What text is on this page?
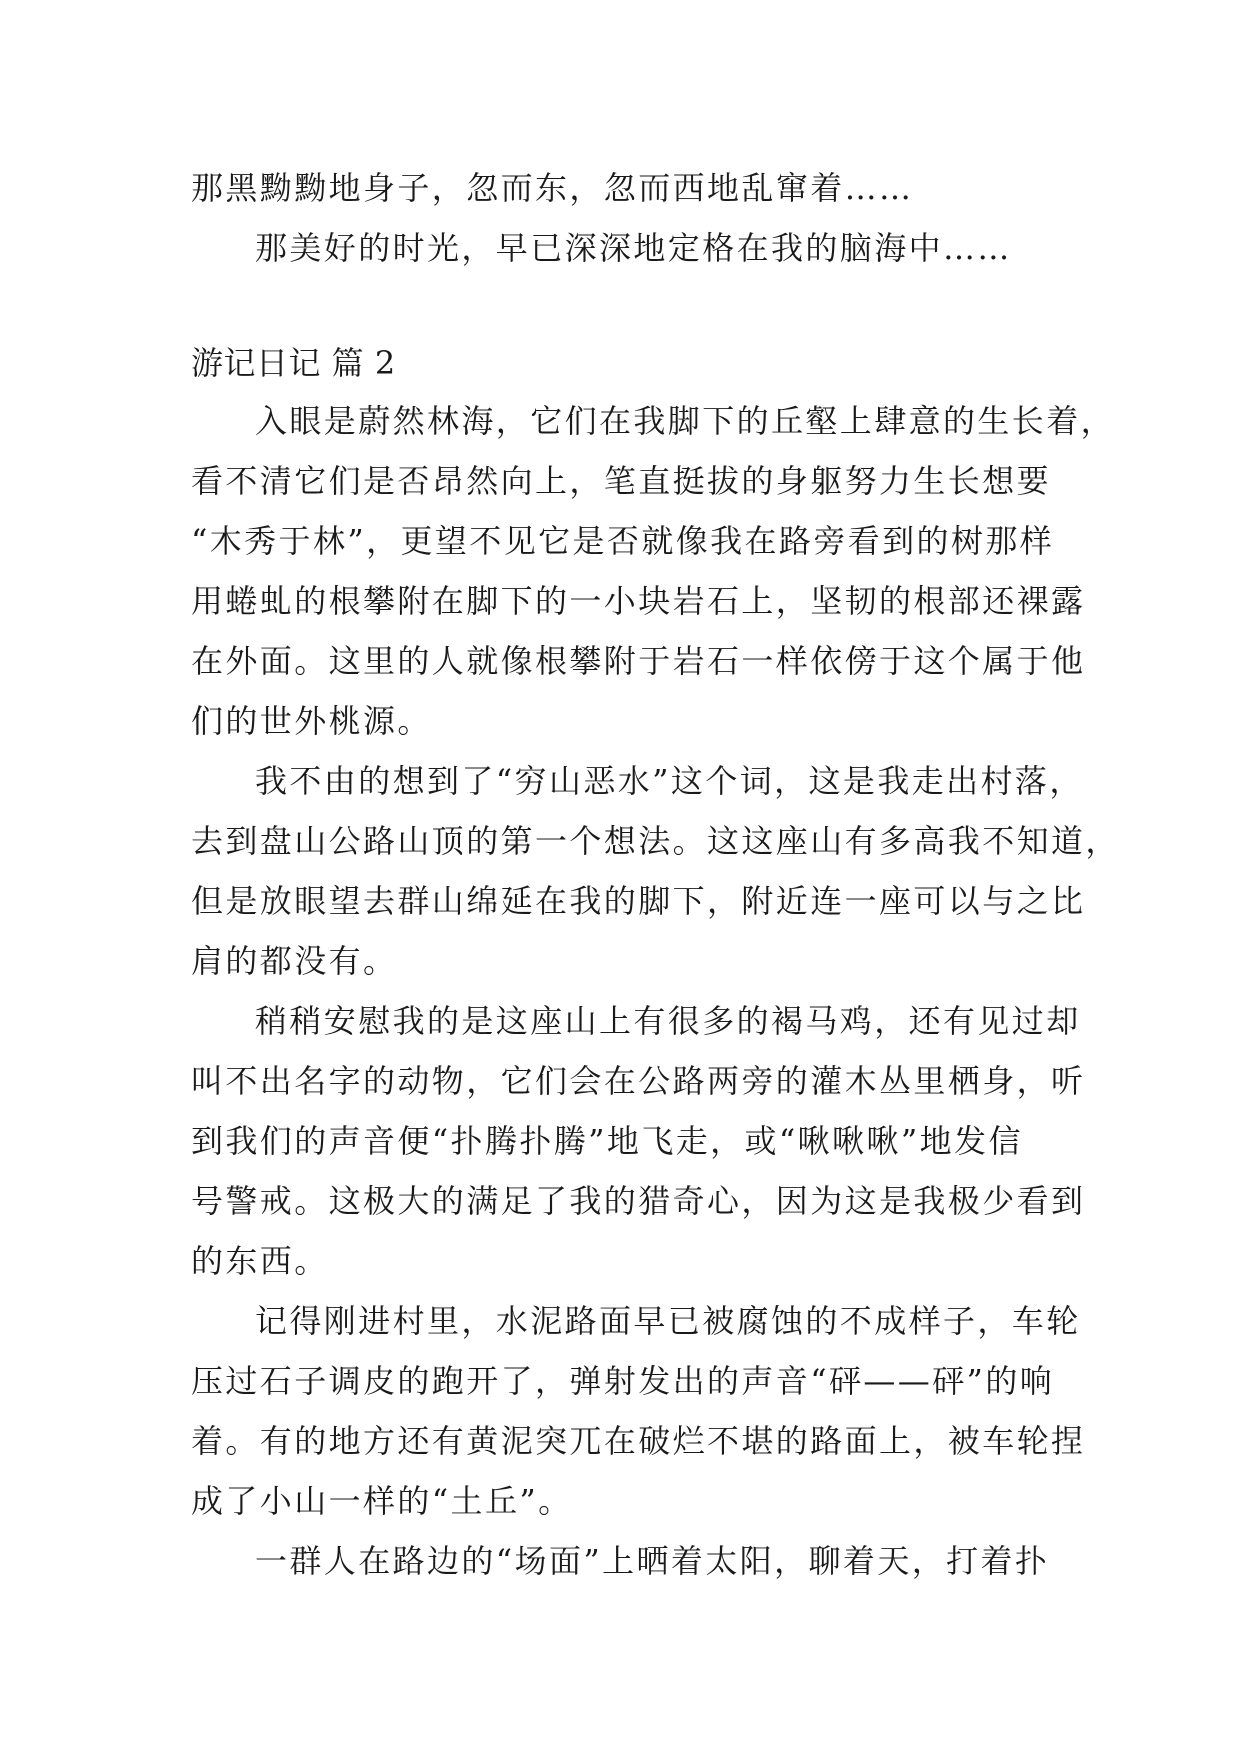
那黑黝黝地身子，忽而东，忽而西地乱窜着……
那美好的时光，早已深深地定格在我的脑海中……
游记日记 篇 2
入眼是蔚然林海，它们在我脚下的丘壑上肆意的生长着，
看不清它们是否昂然向上，笔直挺拔的身躯努力生长想要
“木秀于林”，更望不见它是否就像我在路旁看到的树那样
用蜷虬的根攀附在脚下的一小块岩石上，坚韧的根部还裸露
在外面。这里的人就像根攀附于岩石一样依傍于这个属于他
们的世外桃源。
我不由的想到了“穷山恶水”这个词，这是我走出村落，
去到盘山公路山顶的第一个想法。这这座山有多高我不知道，
但是放眼望去群山绵延在我的脚下，附近连一座可以与之比
肩的都没有。
稍稍安慰我的是这座山上有很多的褐马鸡，还有见过却
叫不出名字的动物，它们会在公路两旁的灌木丛里栖身，听
到我们的声音便“扑腾扑腾”地飞走，或“啾啾啾”地发信
号警戒。这极大的满足了我的猎奇心，因为这是我极少看到
的东西。
记得刚进村里，水泥路面早已被腐蚀的不成样子，车轮
压过石子调皮的跑开了，弹射发出的声音“砰——砰”的响
着。有的地方还有黄泥突兀在破烂不堪的路面上，被车轮捏
成了小山一样的“土丘”。
一群人在路边的“场面”上晒着太阳，聊着天，打着扑
